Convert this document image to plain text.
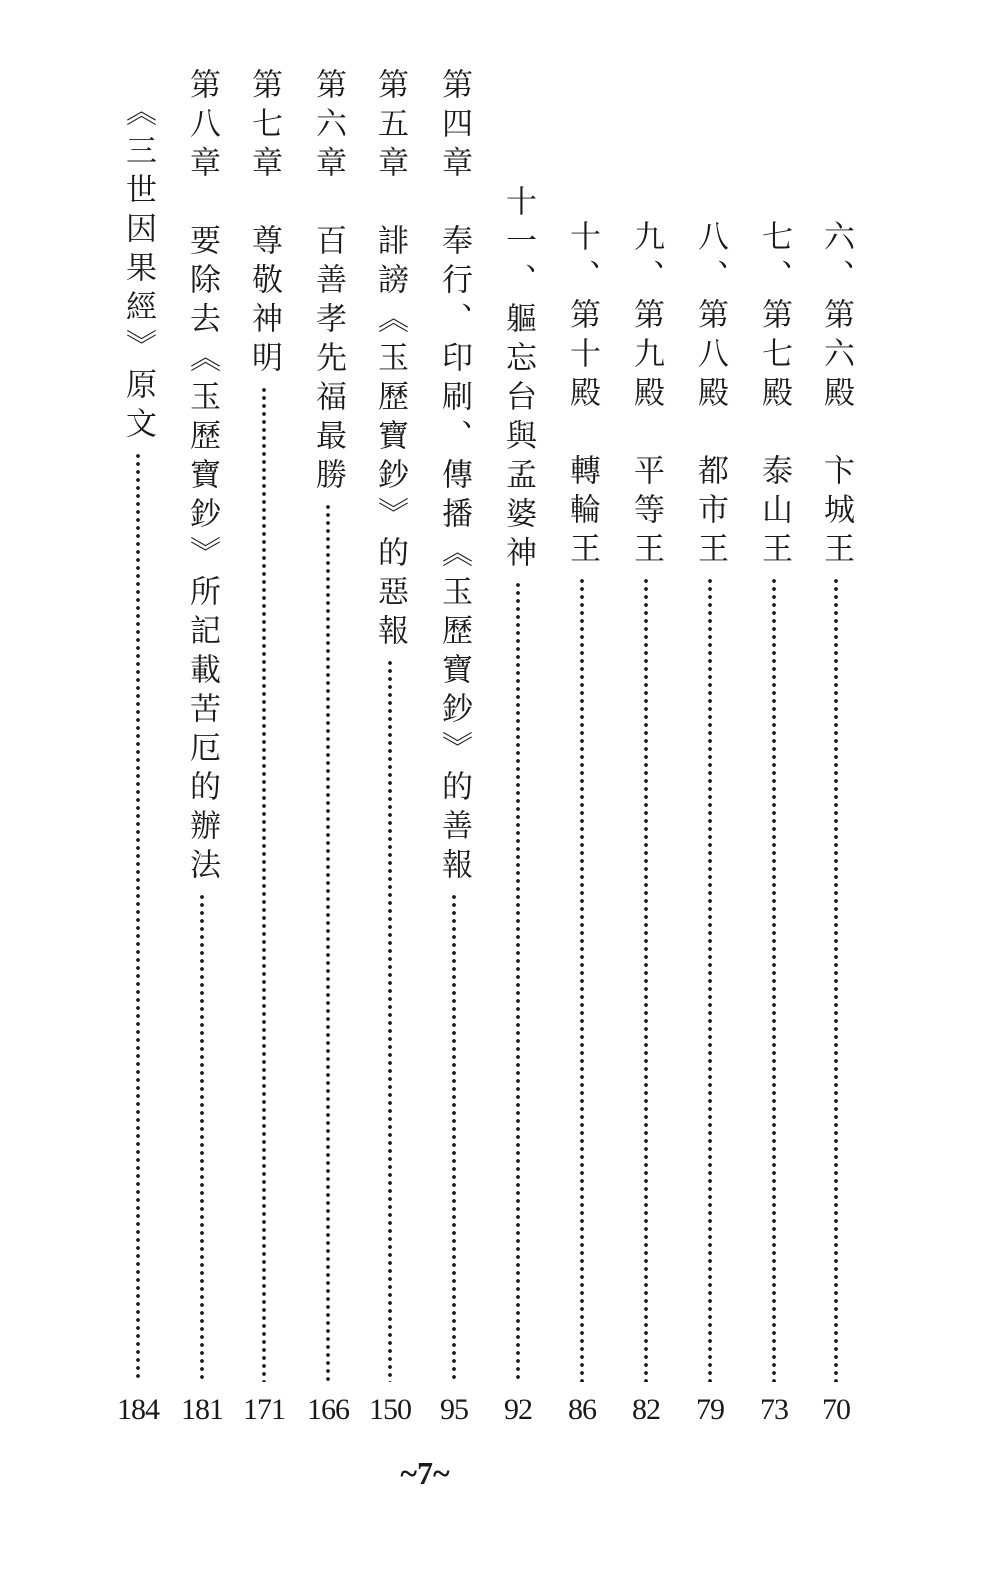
六、第六殿　卞城王
70
七、第七殿　泰山王
73
八、第八殿　都市王
79
九、第九殿　平等王
82
十、第十殿　轉輪王
86
十一、軀忘台與孟婆神
92
第四章　奉行、印刷、傳播《玉歷寶鈔》的善報
95
第五章　誹謗《玉歷寶鈔》的惡報
150
第六章　百善孝先福最勝
166
第七章　尊敬神明
171
第八章　要除去《玉歷寶鈔》所記載苦厄的辦法
181
《三世因果經》原文
184
~7~
